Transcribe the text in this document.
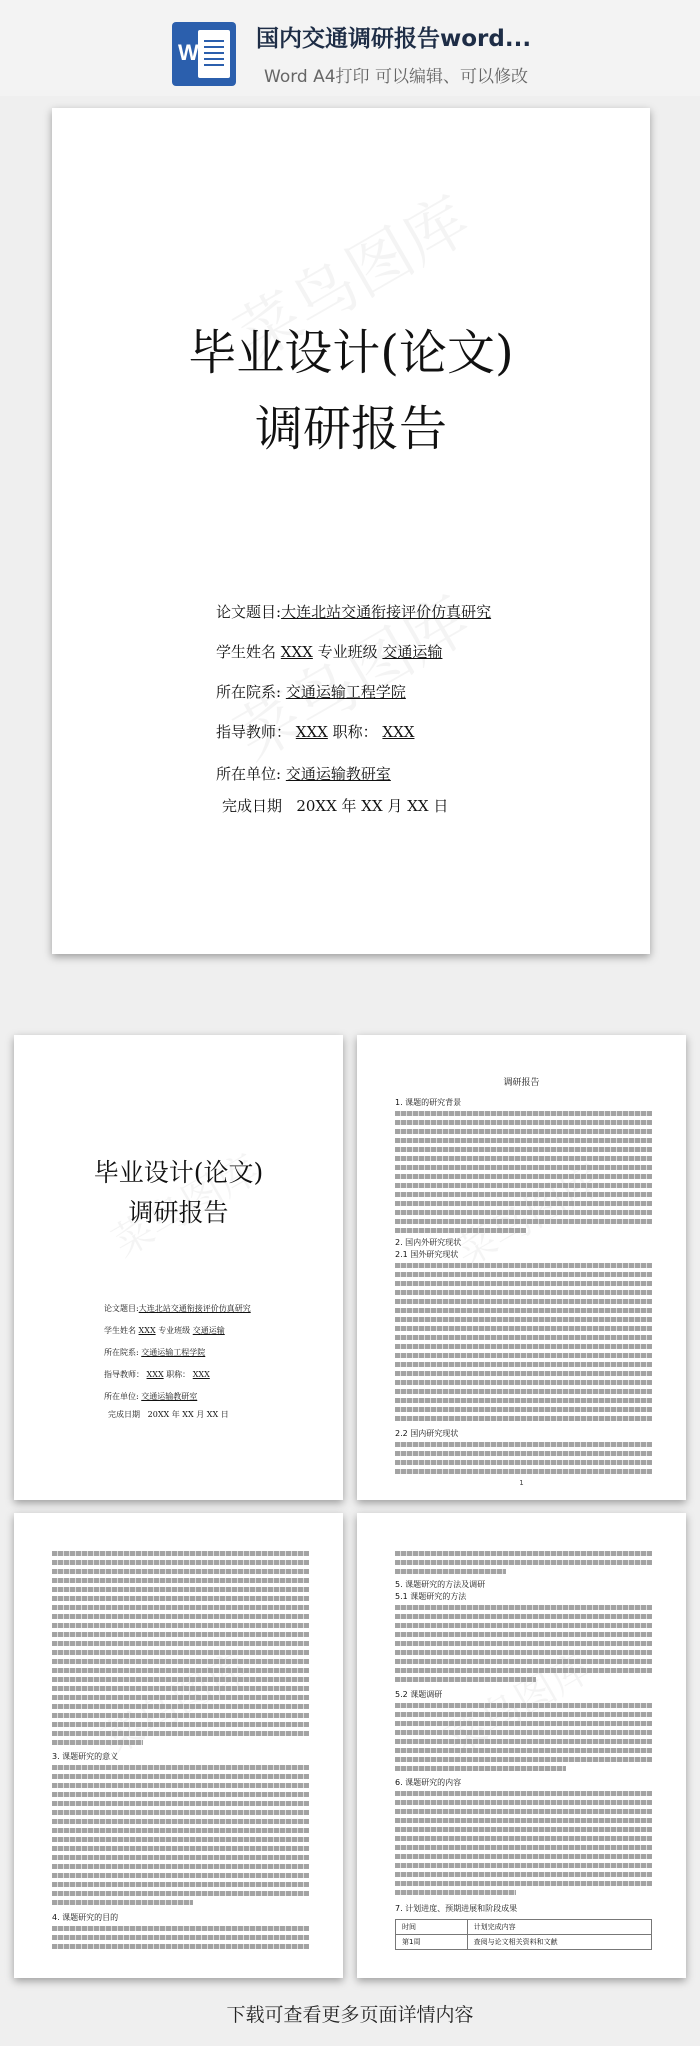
W
国内交通调研报告word...
Word A4打印 可以编辑、可以修改
毕业设计(论文)
调研报告
论文题目:大连北站交通衔接评价仿真研究
学生姓名 XXX 专业班级 交通运输
所在院系: 交通运输工程学院
指导教师： XXX 职称： XXX
所在单位: 交通运输教研室
完成日期 20XX 年 XX 月 XX 日
毕业设计(论文)
调研报告
论文题目:大连北站交通衔接评价仿真研究
学生姓名 XXX 专业班级 交通运输
所在院系: 交通运输工程学院
指导教师： XXX 职称： XXX
所在单位: 交通运输教研室
完成日期 20XX 年 XX 月 XX 日
调研报告
1. 课题的研究背景
2. 国内外研究现状
2.1 国外研究现状
2.2 国内研究现状
1
3. 课题研究的意义
4. 课题研究的目的
5. 课题研究的方法及调研
5.1 课题研究的方法
5.2 课题调研
6. 课题研究的内容
7. 计划进度、预期进展和阶段成果
时间	计划完成内容
第1周	查阅与论文相关资料和文献
下载可查看更多页面详情内容
